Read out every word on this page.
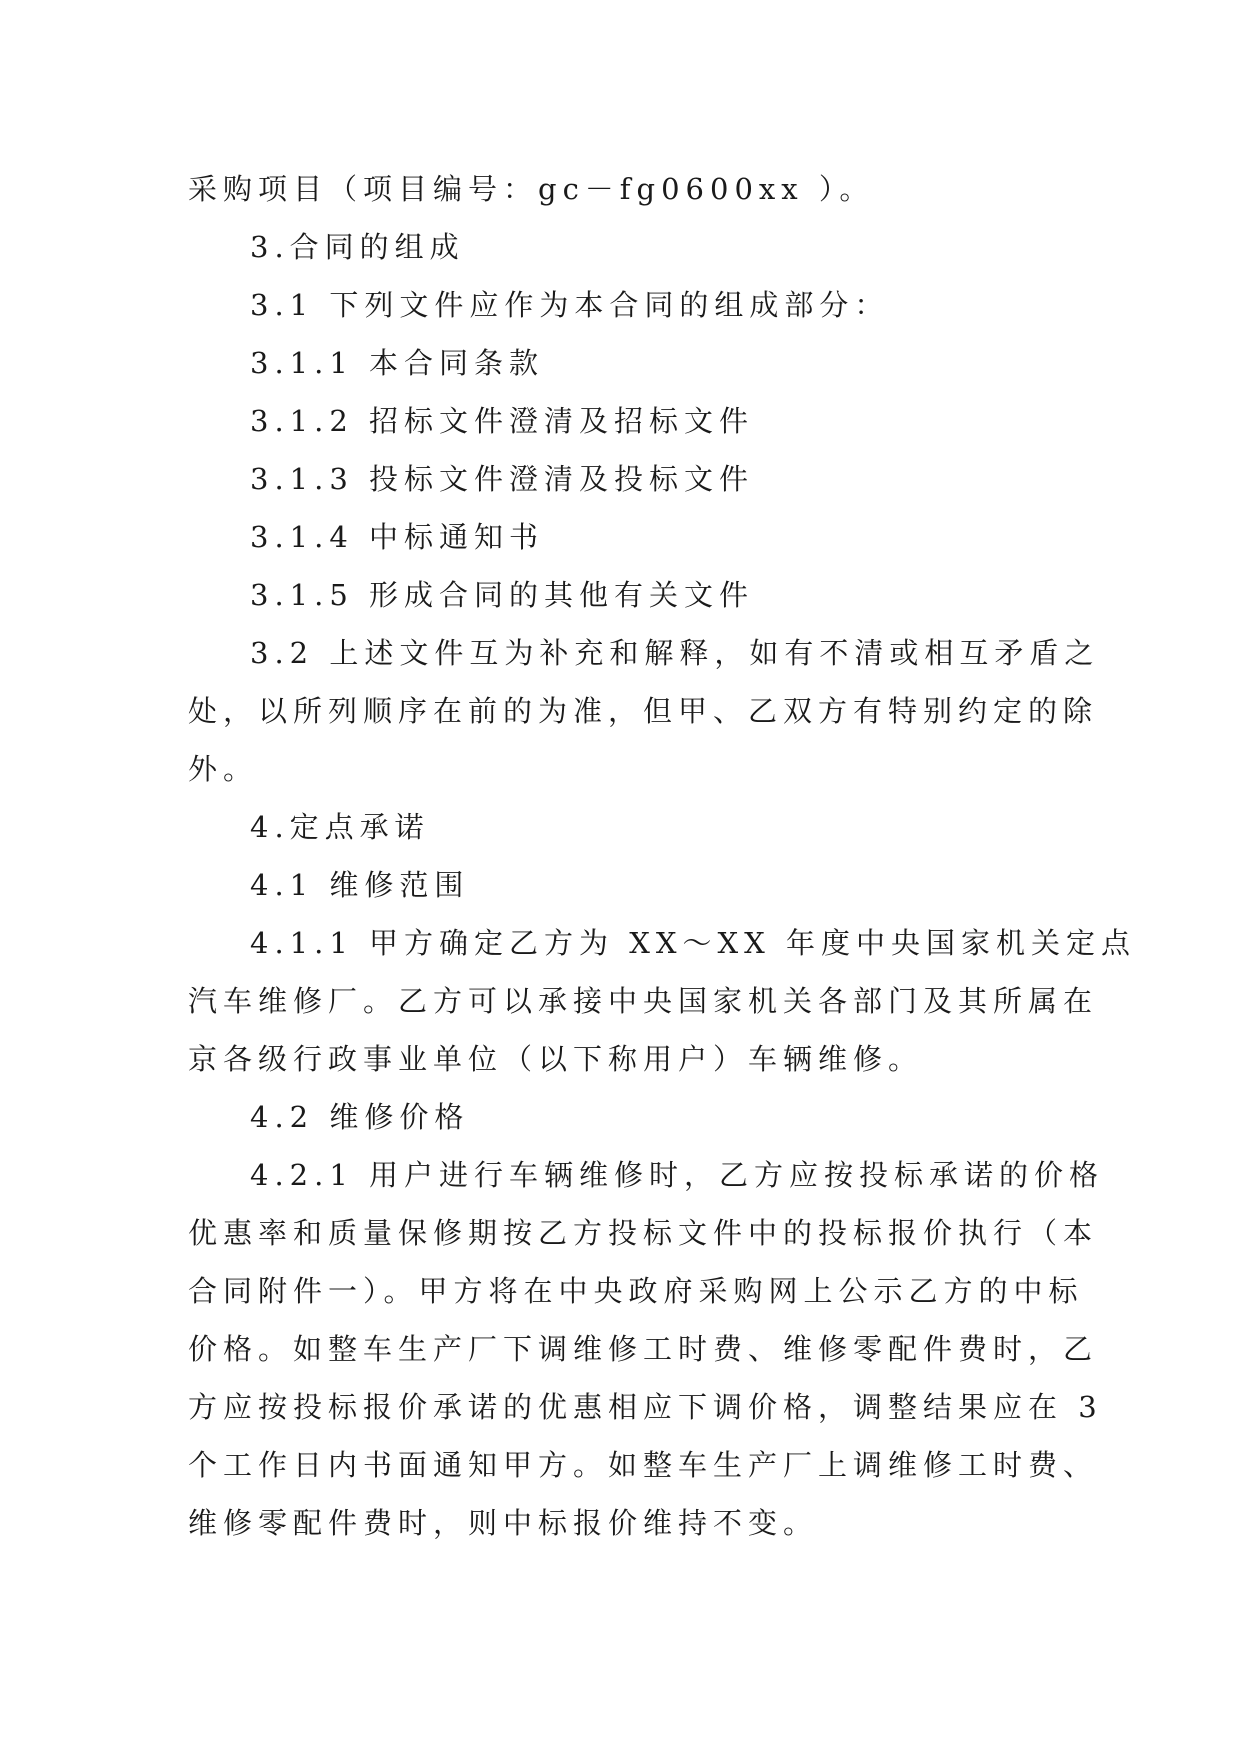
采购项目（项目编号：gc－fg0600xx ）。
3.合同的组成
3.1 下列文件应作为本合同的组成部分：
3.1.1 本合同条款
3.1.2 招标文件澄清及招标文件
3.1.3 投标文件澄清及投标文件
3.1.4 中标通知书
3.1.5 形成合同的其他有关文件
3.2 上述文件互为补充和解释，如有不清或相互矛盾之
处，以所列顺序在前的为准，但甲、乙双方有特别约定的除
外。
4.定点承诺
4.1 维修范围
4.1.1 甲方确定乙方为 XX～XX 年度中央国家机关定点
汽车维修厂。乙方可以承接中央国家机关各部门及其所属在
京各级行政事业单位（以下称用户）车辆维修。
4.2 维修价格
4.2.1 用户进行车辆维修时，乙方应按投标承诺的价格
优惠率和质量保修期按乙方投标文件中的投标报价执行（本
合同附件一）。甲方将在中央政府采购网上公示乙方的中标
价格。如整车生产厂下调维修工时费、维修零配件费时，乙
方应按投标报价承诺的优惠相应下调价格，调整结果应在 3
个工作日内书面通知甲方。如整车生产厂上调维修工时费、
维修零配件费时，则中标报价维持不变。
